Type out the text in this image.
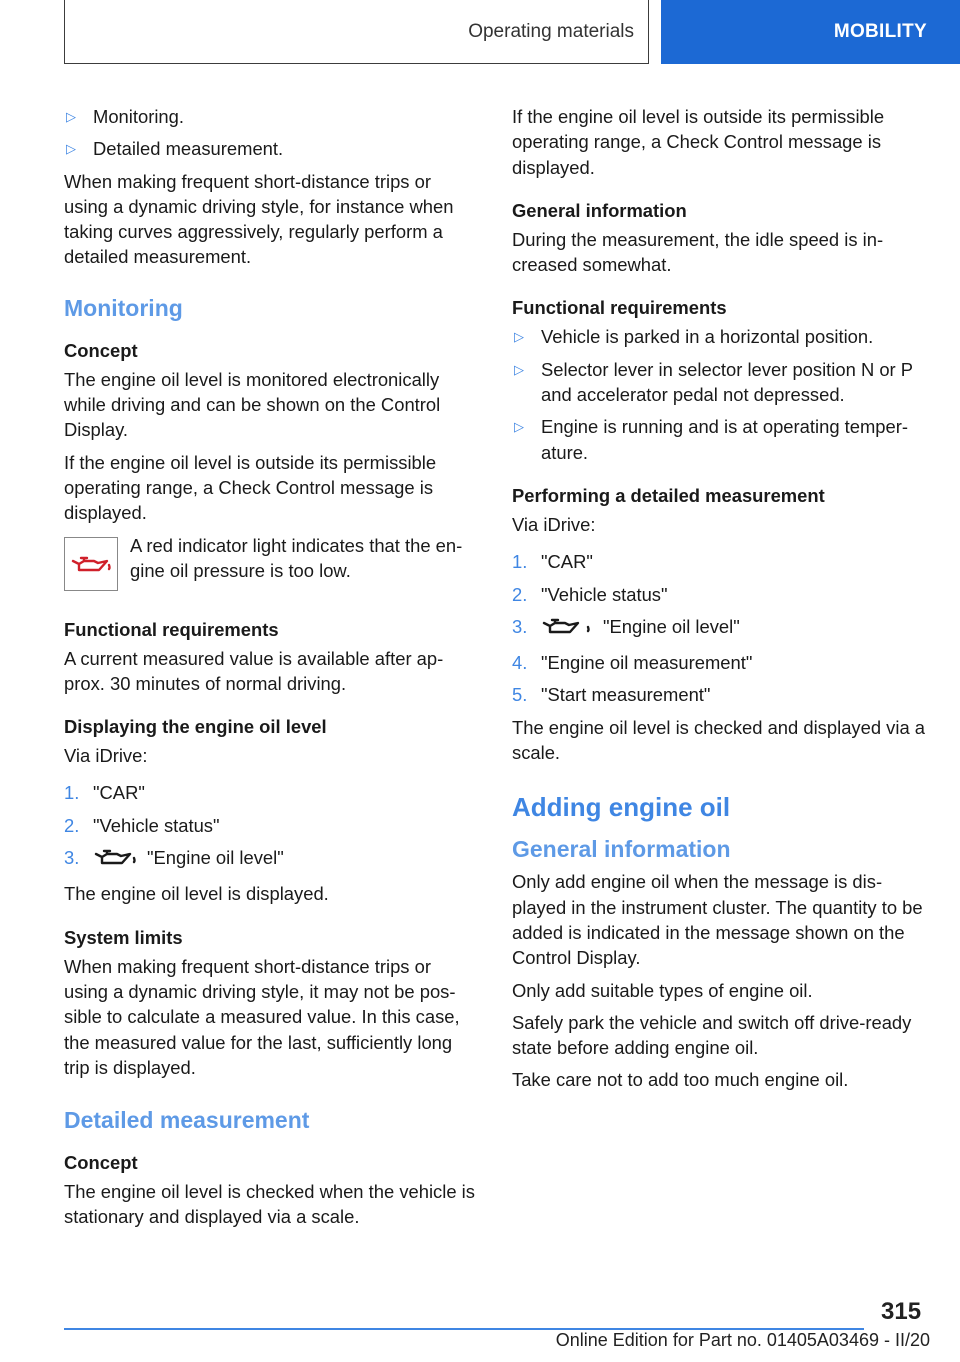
Operating materials	MOBILITY
▷ Monitoring.
▷ Detailed measurement.

When making frequent short-distance trips or using a dynamic driving style, for instance when taking curves aggressively, regularly perform a detailed measurement.

Monitoring
Concept

The engine oil level is monitored electronically while driving and can be shown on the Control Display.

If the engine oil level is outside its permissible operating range, a Check Control message is displayed.

A red indicator light indicates that the en‐gine oil pressure is too low.
Functional requirements

A current measured value is available after ap‐prox. 30 minutes of normal driving.

Displaying the engine oil level

Via iDrive:

1. "CAR"
2. "Vehicle status"
3.	"Engine oil level"

The engine oil level is displayed.

System limits

When making frequent short-distance trips or using a dynamic driving style, it may not be pos‐sible to calculate a measured value. In this case, the measured value for the last, sufficiently long trip is displayed.

Detailed measurement
Concept

The engine oil level is checked when the vehicle is stationary and displayed via a scale.

If the engine oil level is outside its permissible operating range, a Check Control message is displayed.

General information

During the measurement, the idle speed is in‐creased somewhat.

Functional requirements
▷ Vehicle is parked in a horizontal position.
▷ Selector lever in selector lever position N or P and accelerator pedal not depressed.
▷ Engine is running and is at operating temper‐ature.
Performing a detailed measurement

Via iDrive:

1. "CAR"
2. "Vehicle status"
3.	"Engine oil level"
4. "Engine oil measurement"
5. "Start measurement"

The engine oil level is checked and displayed via a scale.

Adding engine oil
General information

Only add engine oil when the message is dis‐played in the instrument cluster. The quantity to be added is indicated in the message shown on the Control Display.

Only add suitable types of engine oil.

Safely park the vehicle and switch off drive-ready state before adding engine oil.

Take care not to add too much engine oil.

315
Online Edition for Part no. 01405A03469 - II/20
